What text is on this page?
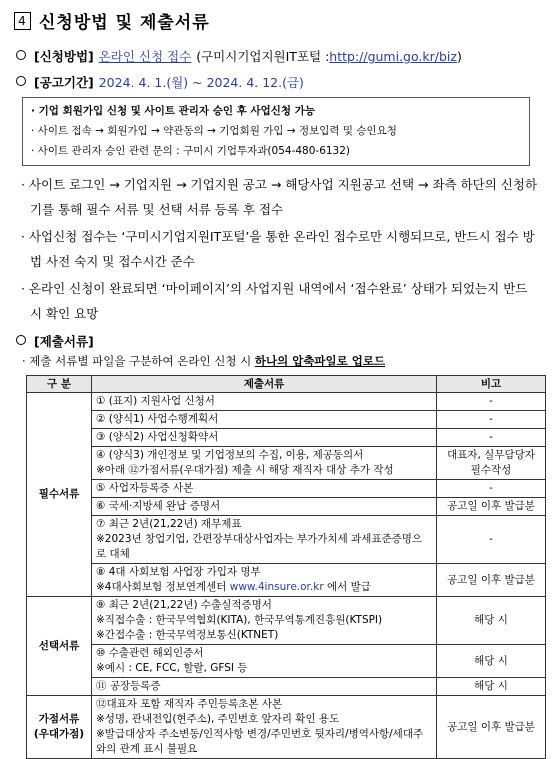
4 신청방법 및 제출서류
[신청방법] 온라인 신청 접수 (구미시기업지원IT포털 : http://gumi.go.kr/biz )
[공고기간] 2024. 4. 1.(월) ~ 2024. 4. 12.(금)
· 기업 회원가입 신청 및 사이트 관리자 승인 후 사업신청 가능
· 사이트 접속 → 회원가입 → 약관동의 → 기업회원 가입 → 정보입력 및 승인요청
· 사이트 관리자 승인 관련 문의 : 구미시 기업투자과(054-480-6132)
· 사이트 로그인 → 기업지원 → 기업지원 공고 → 해당사업 지원공고 선택 → 좌측 하단의 신청하기를 통해 필수 서류 및 선택 서류 등록 후 접수
· 사업신청 접수는 ‘구미시기업지원IT포털’을 통한 온라인 접수로만 시행되므로, 반드시 접수 방법 사전 숙지 및 접수시간 준수
· 온라인 신청이 완료되면 ‘마이페이지’의 사업지원 내역에서 ‘접수완료’ 상태가 되었는지 반드시 확인 요망
[제출서류]
· 제출 서류별 파일을 구분하여 온라인 신청 시 하나의 압축파일로 업로드
구 분	제출서류	비고
필수서류	① (표지) 지원사업 신청서	-
	② (양식1) 사업수행계획서	-
	③ (양식2) 사업신청확약서	-

	④ (양식3) 개인정보 및 기업정보의 수집, 이용, 제공동의서
※아래 ⑫가점서류(우대가점) 제출 시 해당 재직자 대상 추가 작성	대표자, 실무담당자
필수작성

	⑤ 사업자등록증 사본	-
	⑥ 국세·지방세 완납 증명서	공고일 이후 발급분

	⑦ 최근 2년(21,22년) 재무제표
※2023년 창업기업, 간편장부대상사업자는 부가가치세 과세표준증명으로 대체	-

	⑧ 4대 사회보험 사업장 가입자 명부
※4대사회보험 정보연계센터 www.4insure.or.kr 에서 발급	공고일 이후 발급분
선택서류	⑨ 최근 2년(21,22년) 수출실적증명서
※직접수출 : 한국무역협회(KITA), 한국무역통계진흥원(KTSPI)
※간접수출 : 한국무역정보통신(KTNET)	해당 시

	⑩ 수출관련 해외인증서
※예시 : CE, FCC, 할랄, GFSI 등	해당 시
	⑪ 공장등록증	해당 시

가점서류
(우대가점)	⑫대표자 포함 재직자 주민등록초본 사본
※성명, 관내전입(현주소), 주민번호 앞자리 확인 용도
※발급대상자 주소변동/인적사항 변경/주민번호 뒷자리/병역사항/세대주와의 관계 표시 불필요	공고일 이후 발급분
